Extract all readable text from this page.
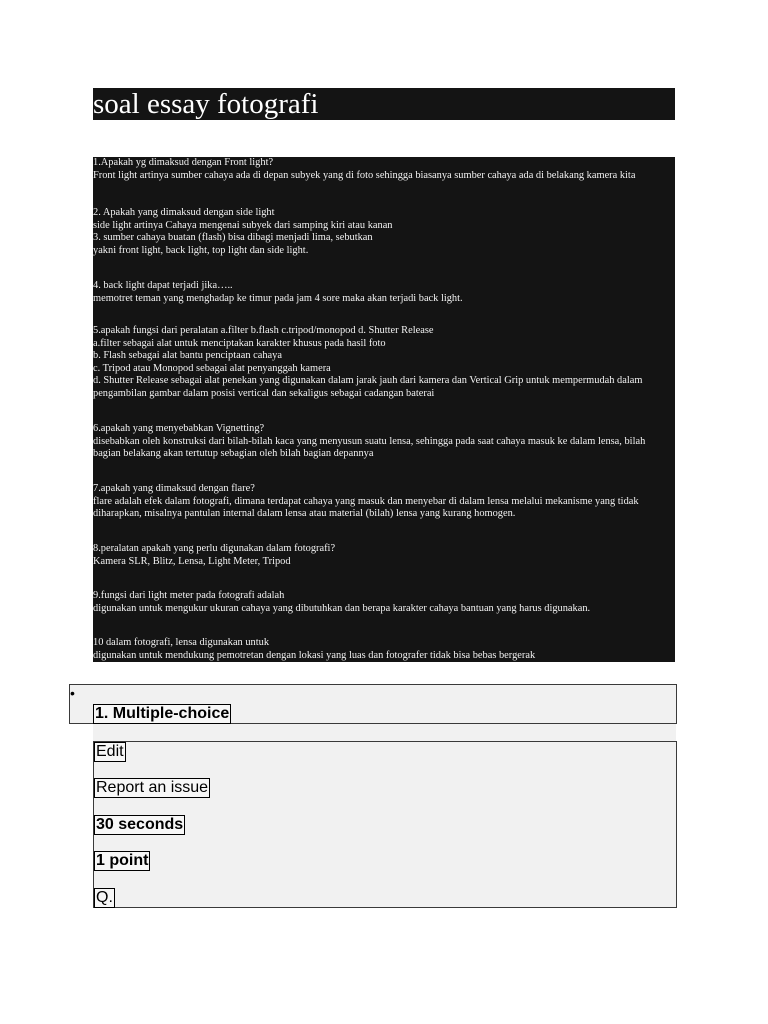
soal essay fotografi
1.Apakah yg dimaksud dengan Front light?
Front light artinya sumber cahaya ada di depan subyek yang di foto sehingga biasanya sumber cahaya ada di belakang kamera kita
2. Apakah yang dimaksud dengan side light
side light artinya Cahaya mengenai subyek dari samping kiri atau kanan
3. sumber cahaya buatan (flash) bisa dibagi menjadi lima, sebutkan
yakni front light, back light, top light dan side light.
4. back light dapat terjadi jika…..
memotret teman yang menghadap ke timur pada jam 4 sore maka akan terjadi back light.
5.apakah fungsi dari peralatan a.filter b.flash c.tripod/monopod d. Shutter Release
a.filter sebagai alat untuk menciptakan karakter khusus pada hasil foto
b. Flash sebagai alat bantu penciptaan cahaya
c. Tripod atau Monopod sebagai alat penyanggah kamera
d. Shutter Release sebagai alat penekan yang digunakan dalam jarak jauh dari kamera dan Vertical Grip untuk mempermudah dalam pengambilan gambar dalam posisi vertical dan sekaligus sebagai cadangan baterai
6.apakah yang menyebabkan Vignetting?
disebabkan oleh konstruksi dari bilah-bilah kaca yang menyusun suatu lensa, sehingga pada saat cahaya masuk ke dalam lensa, bilah bagian belakang akan tertutup sebagian oleh bilah bagian depannya
7.apakah yang dimaksud dengan flare?
flare adalah efek dalam fotografi, dimana terdapat cahaya yang masuk dan menyebar di dalam lensa melalui mekanisme yang tidak diharapkan, misalnya pantulan internal dalam lensa atau material (bilah) lensa yang kurang homogen.
8.peralatan apakah yang perlu digunakan dalam fotografi?
Kamera SLR, Blitz, Lensa, Light Meter, Tripod
9.fungsi dari light meter pada fotografi adalah
digunakan untuk mengukur ukuran cahaya yang dibutuhkan dan berapa karakter cahaya bantuan yang harus digunakan.
10 dalam fotografi, lensa digunakan untuk
digunakan untuk mendukung pemotretan dengan lokasi yang luas dan fotografer tidak bisa bebas bergerak
•
1. Multiple-choice
Edit
Report an issue
30 seconds
1 point
Q.
